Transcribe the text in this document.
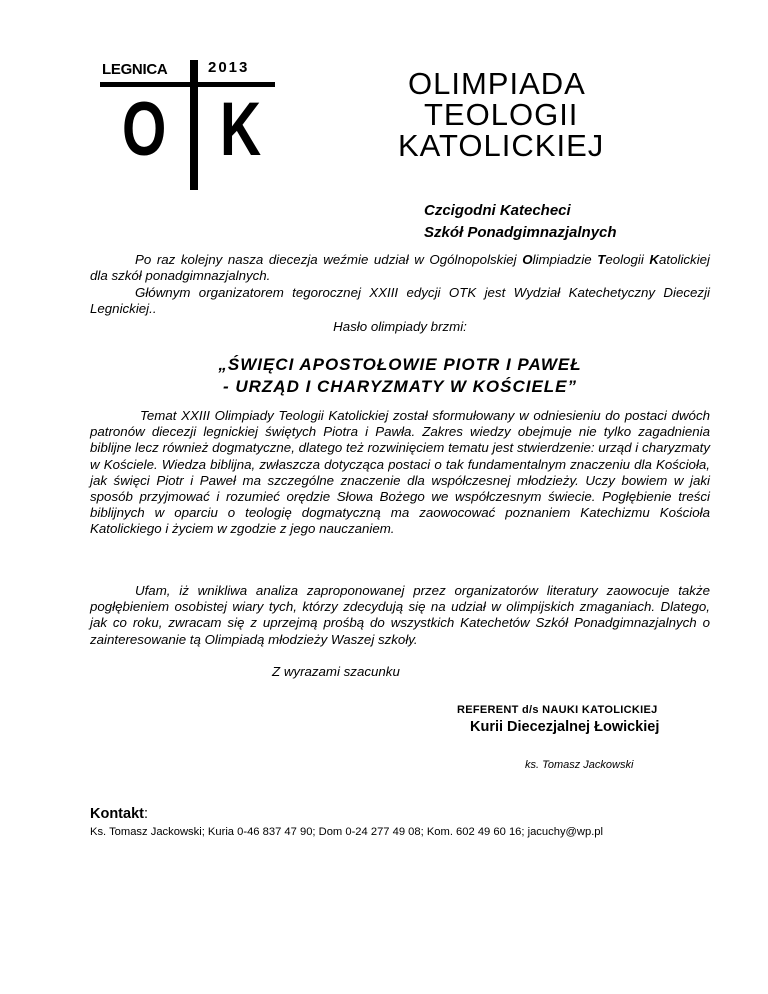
LEGNICA	2013
O K
OLIMPIADA
TEOLOGII
KATOLICKIEJ
Czcigodni Katecheci
Szkół Ponadgimnazjalnych
Po raz kolejny nasza diecezja weźmie udział w Ogólnopolskiej Olimpiadzie Teologii Katolickiej dla szkół ponadgimnazjalnych.
Głównym organizatorem tegorocznej XXIII edycji OTK jest Wydział Katechetyczny Diecezji Legnickiej..
Hasło olimpiady brzmi:
„ŚWIĘCI APOSTOŁOWIE PIOTR I PAWEŁ
- URZĄD I CHARYZMATY W KOŚCIELE”
Temat XXIII Olimpiady Teologii Katolickiej został sformułowany w odniesieniu do postaci dwóch patronów diecezji legnickiej świętych Piotra i Pawła. Zakres wiedzy obejmuje nie tylko zagadnienia biblijne lecz również dogmatyczne, dlatego też rozwinięciem tematu jest stwierdzenie: urząd i charyzmaty w Kościele. Wiedza biblijna, zwłaszcza dotycząca postaci o tak fundamentalnym znaczeniu dla Kościoła, jak święci Piotr i Paweł ma szczególne znaczenie dla współczesnej młodzieży. Uczy bowiem w jaki sposób przyjmować i rozumieć orędzie Słowa Bożego we współczesnym świecie. Pogłębienie treści biblijnych w oparciu o teologię dogmatyczną ma zaowocować poznaniem Katechizmu Kościoła Katolickiego i życiem w zgodzie z jego nauczaniem.
Ufam, iż wnikliwa analiza zaproponowanej przez organizatorów literatury zaowocuje także pogłębieniem osobistej wiary tych, którzy zdecydują się na udział w olimpijskich zmaganiach. Dlatego, jak co roku, zwracam się z uprzejmą prośbą do wszystkich Katechetów Szkół Ponadgimnazjalnych o zainteresowanie tą Olimpiadą młodzieży Waszej szkoły.
Z wyrazami szacunku
REFERENT d/s NAUKI KATOLICKIEJ
Kurii Diecezjalnej Łowickiej
ks. Tomasz Jackowski
Kontakt:
Ks. Tomasz Jackowski; Kuria 0-46 837 47 90; Dom 0-24 277 49 08; Kom. 602 49 60 16; jacuchy@wp.pl
